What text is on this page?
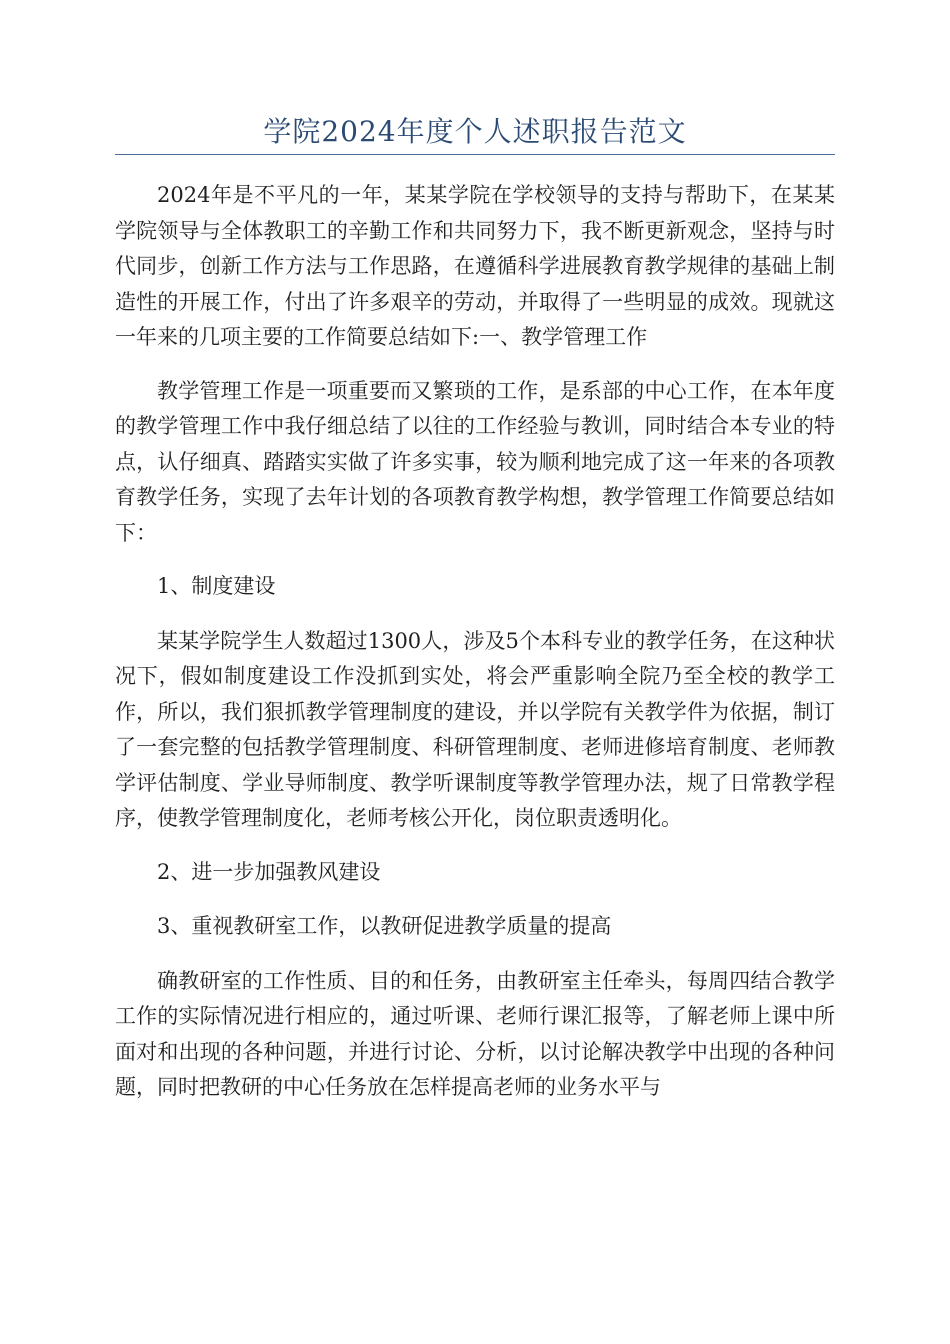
学院2024年度个人述职报告范文

2024年是不平凡的一年，某某学院在学校领导的支持与帮助下，在某某学院领导与全体教职工的辛勤工作和共同努力下，我不断更新观念，坚持与时代同步，创新工作方法与工作思路，在遵循科学进展教育教学规律的基础上制造性的开展工作，付出了许多艰辛的劳动，并取得了一些明显的成效。现就这一年来的几项主要的工作简要总结如下:一、教学管理工作

教学管理工作是一项重要而又繁琐的工作，是系部的中心工作，在本年度的教学管理工作中我仔细总结了以往的工作经验与教训，同时结合本专业的特点，认仔细真、踏踏实实做了许多实事，较为顺利地完成了这一年来的各项教育教学任务，实现了去年计划的各项教育教学构想，教学管理工作简要总结如下：

1、制度建设

某某学院学生人数超过1300人，涉及5个本科专业的教学任务，在这种状况下，假如制度建设工作没抓到实处，将会严重影响全院乃至全校的教学工作，所以，我们狠抓教学管理制度的建设，并以学院有关教学件为依据，制订了一套完整的包括教学管理制度、科研管理制度、老师进修培育制度、老师教学评估制度、学业导师制度、教学听课制度等教学管理办法，规了日常教学程序，使教学管理制度化，老师考核公开化，岗位职责透明化。

2、进一步加强教风建设

3、重视教研室工作，以教研促进教学质量的提高

确教研室的工作性质、目的和任务，由教研室主任牵头，每周四结合教学工作的实际情况进行相应的，通过听课、老师行课汇报等，了解老师上课中所面对和出现的各种问题，并进行讨论、分析，以讨论解决教学中出现的各种问题，同时把教研的中心任务放在怎样提高老师的业务水平与
